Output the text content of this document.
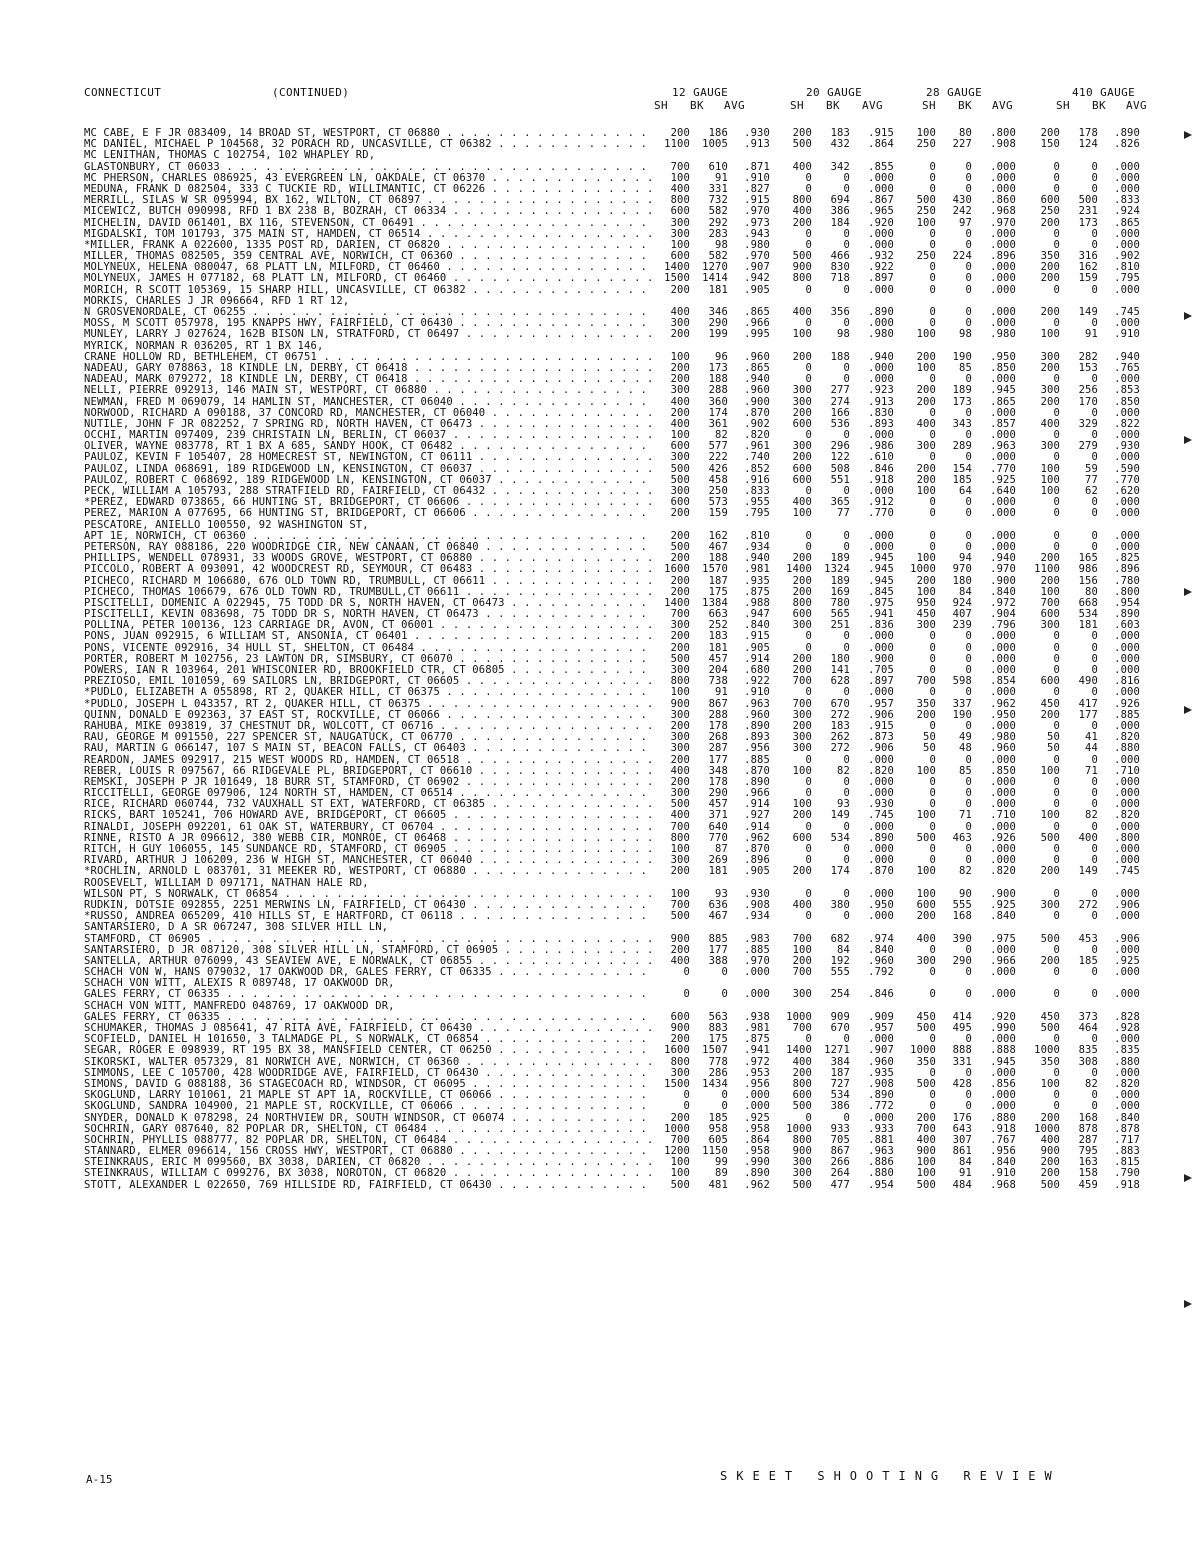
CONNECTICUT	(CONTINUED)	12 GAUGE	20 GAUGE	28 GAUGE	410 GAUGE
SH BK AVG	SH BK AVG	SH BK AVG	SH BK AVG
MC CABE, E F JR 083409, 14 BROAD ST, WESTPORT, CT 06880 . . .	200	186	.930	200	183	.915	100	80	.800	200	178	.890
MC DANIEL, MICHAEL P 104568, 32 PORACH RD, UNCASVILLE, CT 06382 . . .	1100	1005	.913	500	432	.864	250	227	.908	150	124	.826
MC LENITHAN, THOMAS C 102754, 102 WHAPLEY RD,
GLASTONBURY, CT 06033 . . .	700	610	.871	400	342	.855	0	0	.000	0	0	.000
MC PHERSON, CHARLES 086925, 43 EVERGREEN LN, OAKDALE, CT 06370 . . .	100	91	.910	0	0	.000	0	0	.000	0	0	.000
MEDUNA, FRANK D 082504, 333 C TUCKIE RD, WILLIMANTIC, CT 06226 . . .	400	331	.827	0	0	.000	0	0	.000	0	0	.000
MERRILL, SILAS W SR 095994, BX 162, WILTON, CT 06897 . . .	800	732	.915	800	694	.867	500	430	.860	600	500	.833
MICEWICZ, BUTCH 090998, RFD 1 BX 238 B, BOZRAH, CT 06334 . . .	600	582	.970	400	386	.965	250	242	.968	250	231	.924
MICHELIN, DAVID 061401, BX 116, STEVENSON, CT 06491 . . .	300	292	.973	200	184	.920	100	97	.970	200	173	.865
MIGDALSKI, TOM 101793, 375 MAIN ST, HAMDEN, CT 06514 . . .	300	283	.943	0	0	.000	0	0	.000	0	0	.000
*MILLER, FRANK A 022600, 1335 POST RD, DARIEN, CT 06820 . . .	100	98	.980	0	0	.000	0	0	.000	0	0	.000
MILLER, THOMAS 082505, 359 CENTRAL AVE, NORWICH, CT 06360 . . .	600	582	.970	500	466	.932	250	224	.896	350	316	.902
MOLYNEUX, HELENA 080047, 68 PLATT LN, MILFORD, CT 06460 . . .	1400	1270	.907	900	830	.922	0	0	.000	200	162	.810
MOLYNEUX, JAMES H 077182, 68 PLATT LN, MILFORD, CT 06460 . . .	1500	1414	.942	800	718	.897	0	0	.000	200	159	.795
MORICH, R SCOTT 105369, 15 SHARP HILL, UNCASVILLE, CT 06382 . . .	200	181	.905	0	0	.000	0	0	.000	0	0	.000
MORKIS, CHARLES J JR 096664, RFD 1 RT 12,
N GROSVENORDALE, CT 06255 . . .	400	346	.865	400	356	.890	0	0	.000	200	149	.745
MOSS, M SCOTT 057978, 195 KNAPPS HWY, FAIRFIELD, CT 06430 . . .	300	290	.966	0	0	.000	0	0	.000	0	0	.000
MUNLEY, LARRY J 027624, 162B BISON LN, STRATFORD, CT 06497 . . .	200	199	.995	100	98	.980	100	98	.980	100	91	.910
MYRICK, NORMAN R 036205, RT 1 BX 146,
CRANE HOLLOW RD, BETHLEHEM, CT 06751 . . .	100	96	.960	200	188	.940	200	190	.950	300	282	.940
NADEAU, GARY 078863, 18 KINDLE LN, DERBY, CT 06418 . . .	200	173	.865	0	0	.000	100	85	.850	200	153	.765
NADEAU, MARK 079272, 18 KINDLE LN, DERBY, CT 06418 . . .	200	188	.940	0	0	.000	0	0	.000	0	0	.000
NELLI, PIERRE 092913, 146 MAIN ST, WESTPORT, CT 06880 . . .	300	288	.960	300	277	.923	200	189	.945	300	256	.853
NEWMAN, FRED M 069079, 14 HAMLIN ST, MANCHESTER, CT 06040 . . .	400	360	.900	300	274	.913	200	173	.865	200	170	.850
NORWOOD, RICHARD A 090188, 37 CONCORD RD, MANCHESTER, CT 06040 . . .	200	174	.870	200	166	.830	0	0	.000	0	0	.000
NUTILE, JOHN F JR 082252, 7 SPRING RD, NORTH HAVEN, CT 06473 . . .	400	361	.902	600	536	.893	400	343	.857	400	329	.822
OCCHI, MARTIN 097409, 239 CHRISTAIN LN, BERLIN, CT 06037 . . .	100	82	.820	0	0	.000	0	0	.000	0	0	.000
OLIVER, WAYNE 083778, RT 1 BX A 685, SANDY HOOK, CT 06482 . . .	600	577	.961	300	296	.986	300	289	.963	300	279	.930
PAULOZ, KEVIN F 105407, 28 HOMECREST ST, NEWINGTON, CT 06111 . . .	300	222	.740	200	122	.610	0	0	.000	0	0	.000
PAULOZ, LINDA 068691, 189 RIDGEWOOD LN, KENSINGTON, CT 06037 . . .	500	426	.852	600	508	.846	200	154	.770	100	59	.590
PAULOZ, ROBERT C 068692, 189 RIDGEWOOD LN, KENSINGTON, CT 06037 . . .	500	458	.916	600	551	.918	200	185	.925	100	77	.770
PECK, WILLIAM A 105793, 288 STRATFIELD RD, FAIRFIELD, CT 06432 . . .	300	250	.833	0	0	.000	100	64	.640	100	62	.620
*PEREZ, EDWARD 073865, 66 HUNTING ST, BRIDGEPORT, CT 06606 . . .	600	573	.955	400	365	.912	0	0	.000	0	0	.000
PEREZ, MARION A 077695, 66 HUNTING ST, BRIDGEPORT, CT 06606 . . .	200	159	.795	100	77	.770	0	0	.000	0	0	.000
PESCATORE, ANIELLO 100550, 92 WASHINGTON ST,
APT 1E, NORWICH, CT 06360 . . .	200	162	.810	0	0	.000	0	0	.000	0	0	.000
PETERSON, RAY 088186, 220 WOODRIDGE CIR, NEW CANAAN, CT 06840 . . .	500	467	.934	0	0	.000	0	0	.000	0	0	.000
PHILLIPS, WENDELL 078931, 33 WOODS GROVE, WESTPORT, CT 06880 . . .	200	188	.940	200	189	.945	100	94	.940	200	165	.825
PICCOLO, ROBERT A 093091, 42 WOODCREST RD, SEYMOUR, CT 06483 . . .	1600	1570	.981	1400	1324	.945	1000	970	.970	1100	986	.896
PICHECO, RICHARD M 106680, 676 OLD TOWN RD, TRUMBULL, CT 06611 . . .	200	187	.935	200	189	.945	200	180	.900	200	156	.780
PICHECO, THOMAS 106679, 676 OLD TOWN RD, TRUMBULL,CT 06611 . . .	200	175	.875	200	169	.845	100	84	.840	100	80	.800
PISCITELLI, DOMENIC A 022945, 75 TODD DR S, NORTH HAVEN, CT 06473 . . .	1400	1384	.988	800	780	.975	950	924	.972	700	668	.954
PISCITELLI, KEVIN 083698, 75 TODD DR S, NORTH HAVEN, CT 06473 . . .	700	663	.947	600	565	.941	450	407	.904	600	534	.890
POLLINA, PETER 100136, 123 CARRIAGE DR, AVON, CT 06001 . . .	300	252	.840	300	251	.836	300	239	.796	300	181	.603
PONS, JUAN 092915, 6 WILLIAM ST, ANSONIA, CT 06401 . . .	200	183	.915	0	0	.000	0	0	.000	0	0	.000
PONS, VICENTE 092916, 34 HULL ST, SHELTON, CT 06484 . . .	200	181	.905	0	0	.000	0	0	.000	0	0	.000
PORTER, ROBERT M 102756, 23 LAWTON DR, SIMSBURY, CT 06070 . . .	500	457	.914	200	180	.900	0	0	.000	0	0	.000
POWERS, IAN R 103964, 201 WHISCONIER RD, BROOKFIELD CTR, CT 06805 . . .	300	204	.680	200	141	.705	0	0	.000	0	0	.000
PREZIOSO, EMIL 101059, 69 SAILORS LN, BRIDGEPORT, CT 06605 . . .	800	738	.922	700	628	.897	700	598	.854	600	490	.816
*PUDLO, ELIZABETH A 055898, RT 2, QUAKER HILL, CT 06375 . . .	100	91	.910	0	0	.000	0	0	.000	0	0	.000
*PUDLO, JOSEPH L 043357, RT 2, QUAKER HILL, CT 06375 . . .	900	867	.963	700	670	.957	350	337	.962	450	417	.926
QUINN, DONALD E 092363, 37 EAST ST, ROCKVILLE, CT 06066 . . .	300	288	.960	300	272	.906	200	190	.950	200	177	.885
RAHUBA, MIKE 093819, 37 CHESTNUT DR, WOLCOTT, CT 06716 . . .	200	178	.890	200	183	.915	0	0	.000	0	0	.000
RAU, GEORGE M 091550, 227 SPENCER ST, NAUGATUCK, CT 06770 . . .	300	268	.893	300	262	.873	50	49	.980	50	41	.820
RAU, MARTIN G 066147, 107 S MAIN ST, BEACON FALLS, CT 06403 . . .	300	287	.956	300	272	.906	50	48	.960	50	44	.880
REARDON, JAMES 092917, 215 WEST WOODS RD, HAMDEN, CT 06518 . . .	200	177	.885	0	0	.000	0	0	.000	0	0	.000
REBER, LOUIS R 097567, 66 RIDGEVALE PL, BRIDGEPORT, CT 06610 . . .	400	348	.870	100	82	.820	100	85	.850	100	71	.710
REMSKI, JOSEPH P JR 101649, 18 BURR ST, STAMFORD, CT 06902 . . .	200	178	.890	0	0	.000	0	0	.000	0	0	.000
RICCITELLI, GEORGE 097906, 124 NORTH ST, HAMDEN, CT 06514 . . .	300	290	.966	0	0	.000	0	0	.000	0	0	.000
RICE, RICHARD 060744, 732 VAUXHALL ST EXT, WATERFORD, CT 06385 . . .	500	457	.914	100	93	.930	0	0	.000	0	0	.000
RICKS, BART 105241, 706 HOWARD AVE, BRIDGEPORT, CT 06605 . . .	400	371	.927	200	149	.745	100	71	.710	100	82	.820
RINALDI, JOSEPH 092201, 61 OAK ST, WATERBURY, CT 06704 . . .	700	640	.914	0	0	.000	0	0	.000	0	0	.000
RINNE, RISTO A JR 096612, 380 WEBB CIR, MONROE, CT 06468 . . .	800	770	.962	600	534	.890	500	463	.926	500	400	.800
RITCH, H GUY 106055, 145 SUNDANCE RD, STAMFORD, CT 06905 . . .	100	87	.870	0	0	.000	0	0	.000	0	0	.000
RIVARD, ARTHUR J 106209, 236 W HIGH ST, MANCHESTER, CT 06040 . . .	300	269	.896	0	0	.000	0	0	.000	0	0	.000
*ROCHLIN, ARNOLD L 083701, 31 MEEKER RD, WESTPORT, CT 06880 . . .	200	181	.905	200	174	.870	100	82	.820	200	149	.745
ROOSEVELT, WILLIAM D 097171, NATHAN HALE RD,
WILSON PT, S NORWALK, CT 06854 . . .	100	93	.930	0	0	.000	100	90	.900	0	0	.000
RUDKIN, DOTSIE 092855, 2251 MERWINS LN, FAIRFIELD, CT 06430 . . .	700	636	.908	400	380	.950	600	555	.925	300	272	.906
*RUSSO, ANDREA 065209, 410 HILLS ST, E HARTFORD, CT 06118 . . .	500	467	.934	0	0	.000	200	168	.840	0	0	.000
SANTARSIERO, D A SR 067247, 308 SILVER HILL LN,
STAMFORD, CT 06905 . . .	900	885	.983	700	682	.974	400	390	.975	500	453	.906
SANTARSIERO, D JR 087120, 308 SILVER HILL LN, STAMFORD, CT 06905 . . .	200	177	.885	100	84	.840	0	0	.000	0	0	.000
SANTELLA, ARTHUR 076099, 43 SEAVIEW AVE, E NORWALK, CT 06855 . . .	400	388	.970	200	192	.960	300	290	.966	200	185	.925
SCHACH VON W, HANS 079032, 17 OAKWOOD DR, GALES FERRY, CT 06335 . . .	0	0	.000	700	555	.792	0	0	.000	0	0	.000
SCHACH VON WITT, ALEXIS R 089748, 17 OAKWOOD DR,
GALES FERRY, CT 06335 . . .	0	0	.000	300	254	.846	0	0	.000	0	0	.000
SCHACH VON WITT, MANFREDO 048769, 17 OAKWOOD DR,
GALES FERRY, CT 06335 . . .	600	563	.938	1000	909	.909	450	414	.920	450	373	.828
SCHUMAKER, THOMAS J 085641, 47 RITA AVE, FAIRFIELD, CT 06430 . . .	900	883	.981	700	670	.957	500	495	.990	500	464	.928
SCOFIELD, DANIEL H 101650, 3 TALMADGE PL, S NORWALK, CT 06854 . . .	200	175	.875	0	0	.000	0	0	.000	0	0	.000
SEGAR, ROGER E 098939, RT 195 BX 38, MANSFIELD CENTER, CT 06250 . . .	1600	1507	.941	1400	1271	.907	1000	888	.888	1000	835	.835
SIKORSKI, WALTER 057329, 81 NORWICH AVE, NORWICH, CT 06360 . . .	800	778	.972	400	384	.960	350	331	.945	350	308	.880
SIMMONS, LEE C 105700, 428 WOODRIDGE AVE, FAIRFIELD, CT 06430 . . .	300	286	.953	200	187	.935	0	0	.000	0	0	.000
SIMONS, DAVID G 088188, 36 STAGECOACH RD, WINDSOR, CT 06095 . . .	1500	1434	.956	800	727	.908	500	428	.856	100	82	.820
SKOGLUND, LARRY 101061, 21 MAPLE ST APT 1A, ROCKVILLE, CT 06066 . . .	0	0	.000	600	534	.890	0	0	.000	0	0	.000
SKOGLUND, SANDRA 104900, 21 MAPLE ST, ROCKVILLE, CT 06066 . . .	0	0	.000	500	386	.772	0	0	.000	0	0	.000
SNYDER, DONALD K 078298, 24 NORTHVIEW DR, SOUTH WINDSOR, CT 06074 . . .	200	185	.925	0	0	.000	200	176	.880	200	168	.840
SOCHRIN, GARY 087640, 82 POPLAR DR, SHELTON, CT 06484 . . .	1000	958	.958	1000	933	.933	700	643	.918	1000	878	.878
SOCHRIN, PHYLLIS 088777, 82 POPLAR DR, SHELTON, CT 06484 . . .	700	605	.864	800	705	.881	400	307	.767	400	287	.717
STANNARD, ELMER 096614, 156 CROSS HWY, WESTPORT, CT 06880 . . .	1200	1150	.958	900	867	.963	900	861	.956	900	795	.883
STEINKRAUS, ERIC M 099560, BX 3038, DARIEN, CT 06820 . . .	100	99	.990	300	266	.886	100	84	.840	200	163	.815
STEINKRAUS, WILLIAM C 099276, BX 3038, NOROTON, CT 06820 . . .	100	89	.890	300	264	.880	100	91	.910	200	158	.790
STOTT, ALEXANDER L 022650, 769 HILLSIDE RD, FAIRFIELD, CT 06430 . . .	500	481	.962	500	477	.954	500	484	.968	500	459	.918
A-15	SKEET SHOOTING REVIEW
